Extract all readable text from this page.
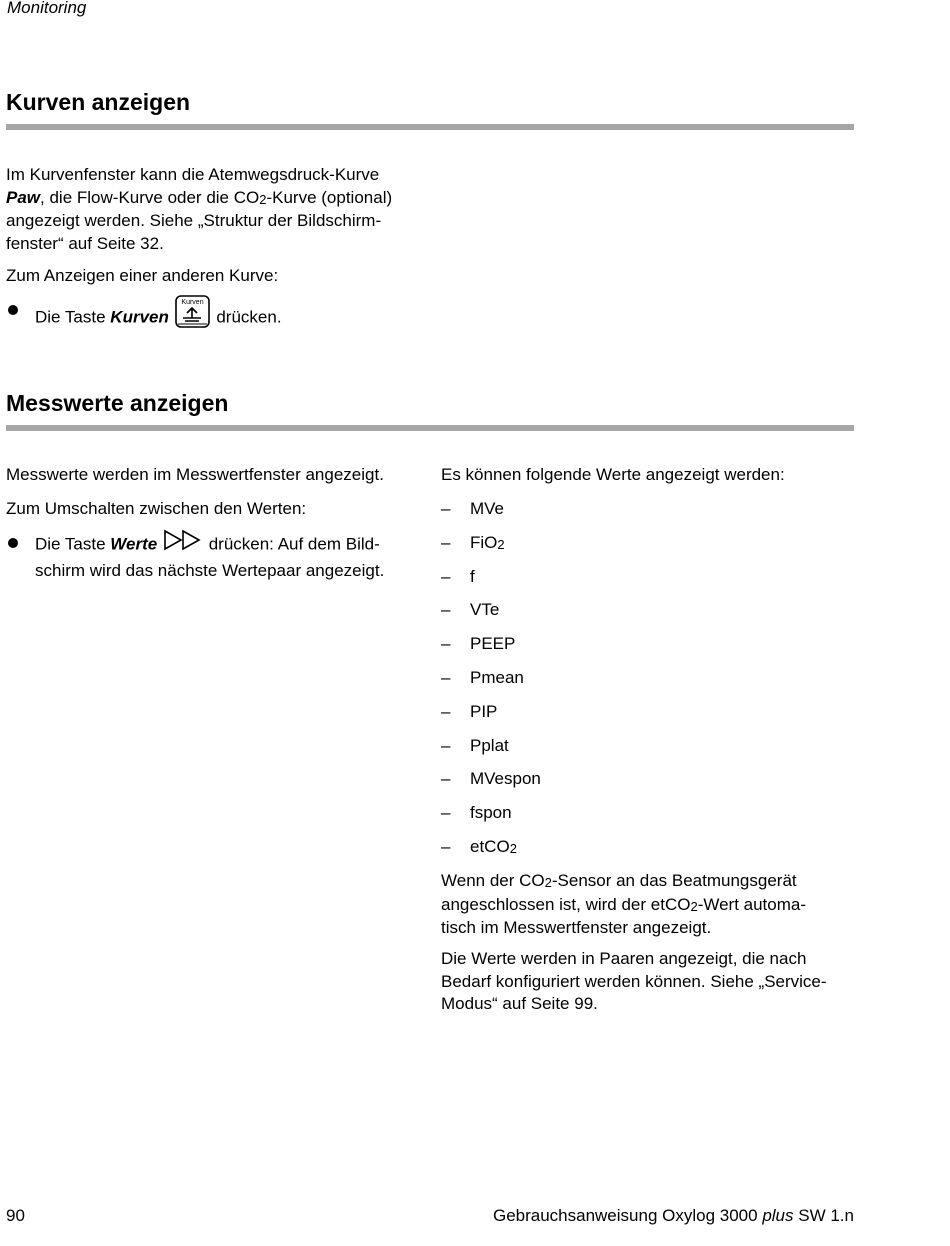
Monitoring
Kurven anzeigen
Im Kurvenfenster kann die Atemwegsdruck-Kurve
Paw, die Flow-Kurve oder die $CO_2$-Kurve (optional)
angezeigt werden. Siehe „Struktur der Bildschirm-
fenster“ auf Seite 32.
Zum Anzeigen einer anderen Kurve:
Die Taste Kurven
Kurven
drücken.
Messwerte anzeigen
Messwerte werden im Messwertfenster angezeigt.
Zum Umschalten zwischen den Werten:
Die Taste Werte	drücken: Auf dem Bild-
schirm wird das nächste Wertepaar angezeigt.
Es können folgende Werte angezeigt werden:
– MVe
– FiO$_2$
– f
– VTe
– PEEP
– Pmean
– PIP
– Pplat
– MVespon
– fspon
– etCO$_2$
Wenn der $CO_2$-Sensor an das Beatmungsgerät
angeschlossen ist, wird der etCO$_2$-Wert automa-
tisch im Messwertfenster angezeigt.
Die Werte werden in Paaren angezeigt, die nach
Bedarf konfiguriert werden können. Siehe „Service-
Modus“ auf Seite 99.
90	Gebrauchsanweisung Oxylog 3000 plus SW 1.n
